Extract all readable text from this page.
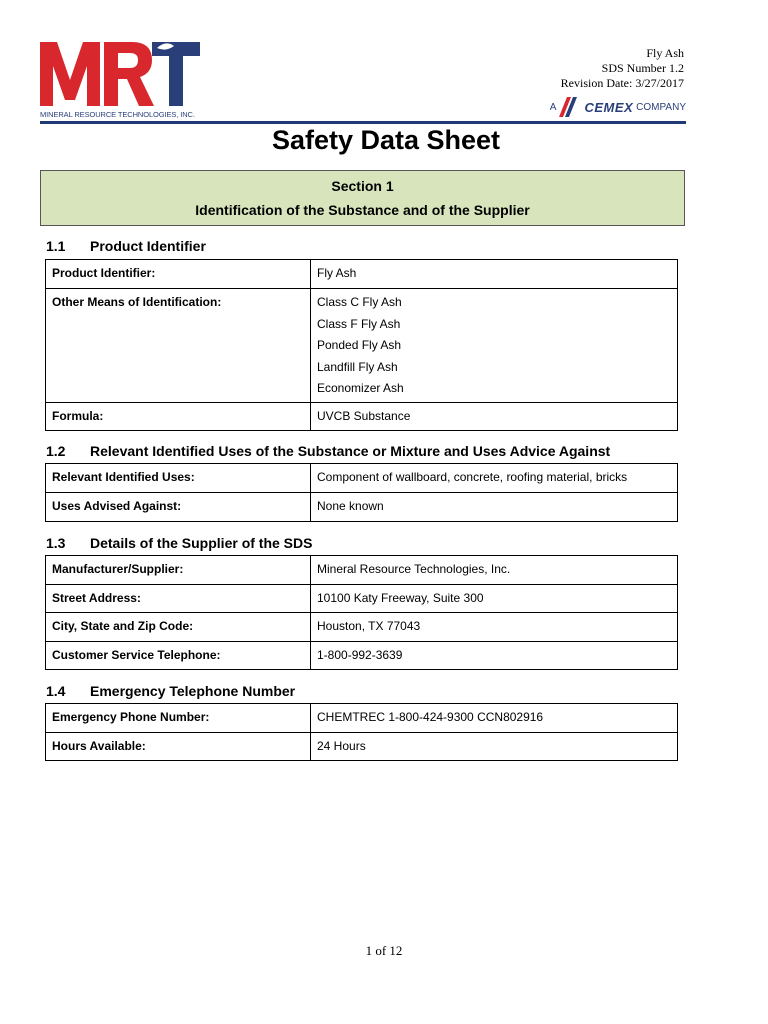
MINERAL RESOURCE TECHNOLOGIES, INC.
Fly Ash
SDS Number 1.2
Revision Date: 3/27/2017
A CEMEX COMPANY
Safety Data Sheet
Section 1
Identification of the Substance and of the Supplier
1.1 Product Identifier
Product Identifier:	Fly Ash
Other Means of Identification:	Class C Fly Ash
Class F Fly Ash
Ponded Fly Ash
Landfill Fly Ash
Economizer Ash

Formula:	UVCB Substance
1.2 Relevant Identified Uses of the Substance or Mixture and Uses Advice Against
Relevant Identified Uses:	Component of wallboard, concrete, roofing material, bricks
Uses Advised Against:	None known
1.3 Details of the Supplier of the SDS
Manufacturer/Supplier:	Mineral Resource Technologies, Inc.
Street Address:	10100 Katy Freeway, Suite 300
City, State and Zip Code:	Houston, TX 77043
Customer Service Telephone:	1-800-992-3639
1.4 Emergency Telephone Number
Emergency Phone Number:	CHEMTREC 1-800-424-9300 CCN802916
Hours Available:	24 Hours
1 of 12
